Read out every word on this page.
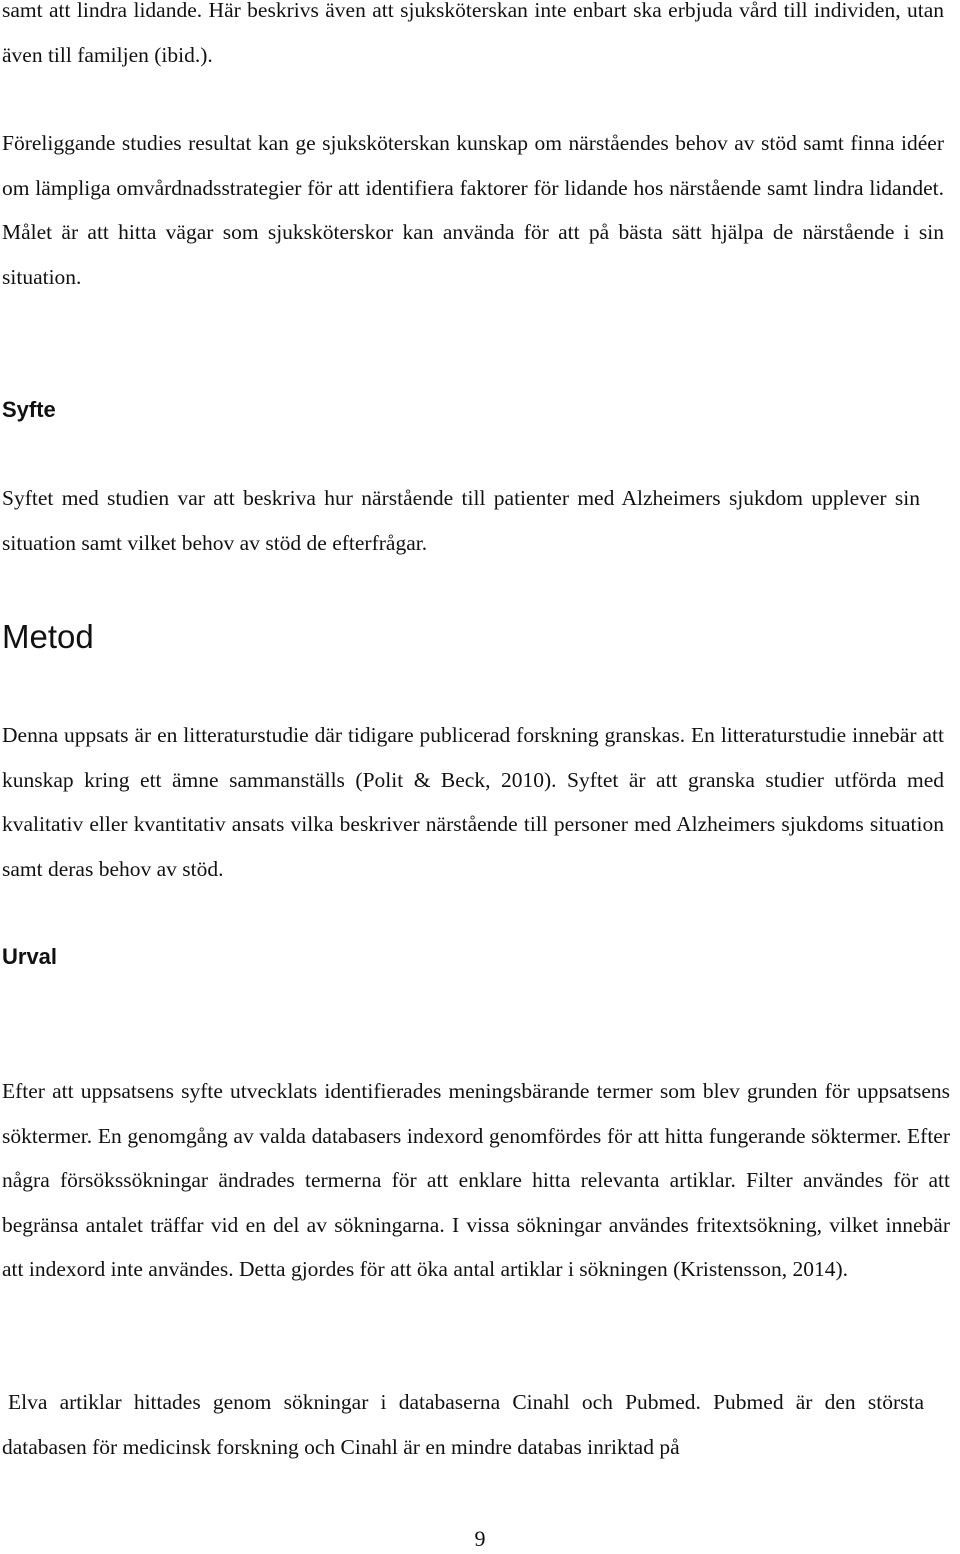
samt att lindra lidande. Här beskrivs även att sjuksköterskan inte enbart ska erbjuda vård till individen, utan även till familjen (ibid.).

Föreliggande studies resultat kan ge sjuksköterskan kunskap om närståendes behov av stöd samt finna idéer om lämpliga omvårdnadsstrategier för att identifiera faktorer för lidande hos närstående samt lindra lidandet. Målet är att hitta vägar som sjuksköterskor kan använda för att på bästa sätt hjälpa de närstående i sin situation.

Syfte

Syftet med studien var att beskriva hur närstående till patienter med Alzheimers sjukdom upplever sin situation samt vilket behov av stöd de efterfrågar.

Metod

Denna uppsats är en litteraturstudie där tidigare publicerad forskning granskas. En litteraturstudie innebär att kunskap kring ett ämne sammanställs (Polit & Beck, 2010). Syftet är att granska studier utförda med kvalitativ eller kvantitativ ansats vilka beskriver närstående till personer med Alzheimers sjukdoms situation samt deras behov av stöd.

Urval

Efter att uppsatsens syfte utvecklats identifierades meningsbärande termer som blev grunden för uppsatsens söktermer. En genomgång av valda databasers indexord genomfördes för att hitta fungerande söktermer. Efter några försökssökningar ändrades termerna för att enklare hitta relevanta artiklar. Filter användes för att begränsa antalet träffar vid en del av sökningarna. I vissa sökningar användes fritextsökning, vilket innebär att indexord inte användes. Detta gjordes för att öka antal artiklar i sökningen (Kristensson, 2014).

Elva artiklar hittades genom sökningar i databaserna Cinahl och Pubmed. Pubmed är den största databasen för medicinsk forskning och Cinahl är en mindre databas inriktad på

9
